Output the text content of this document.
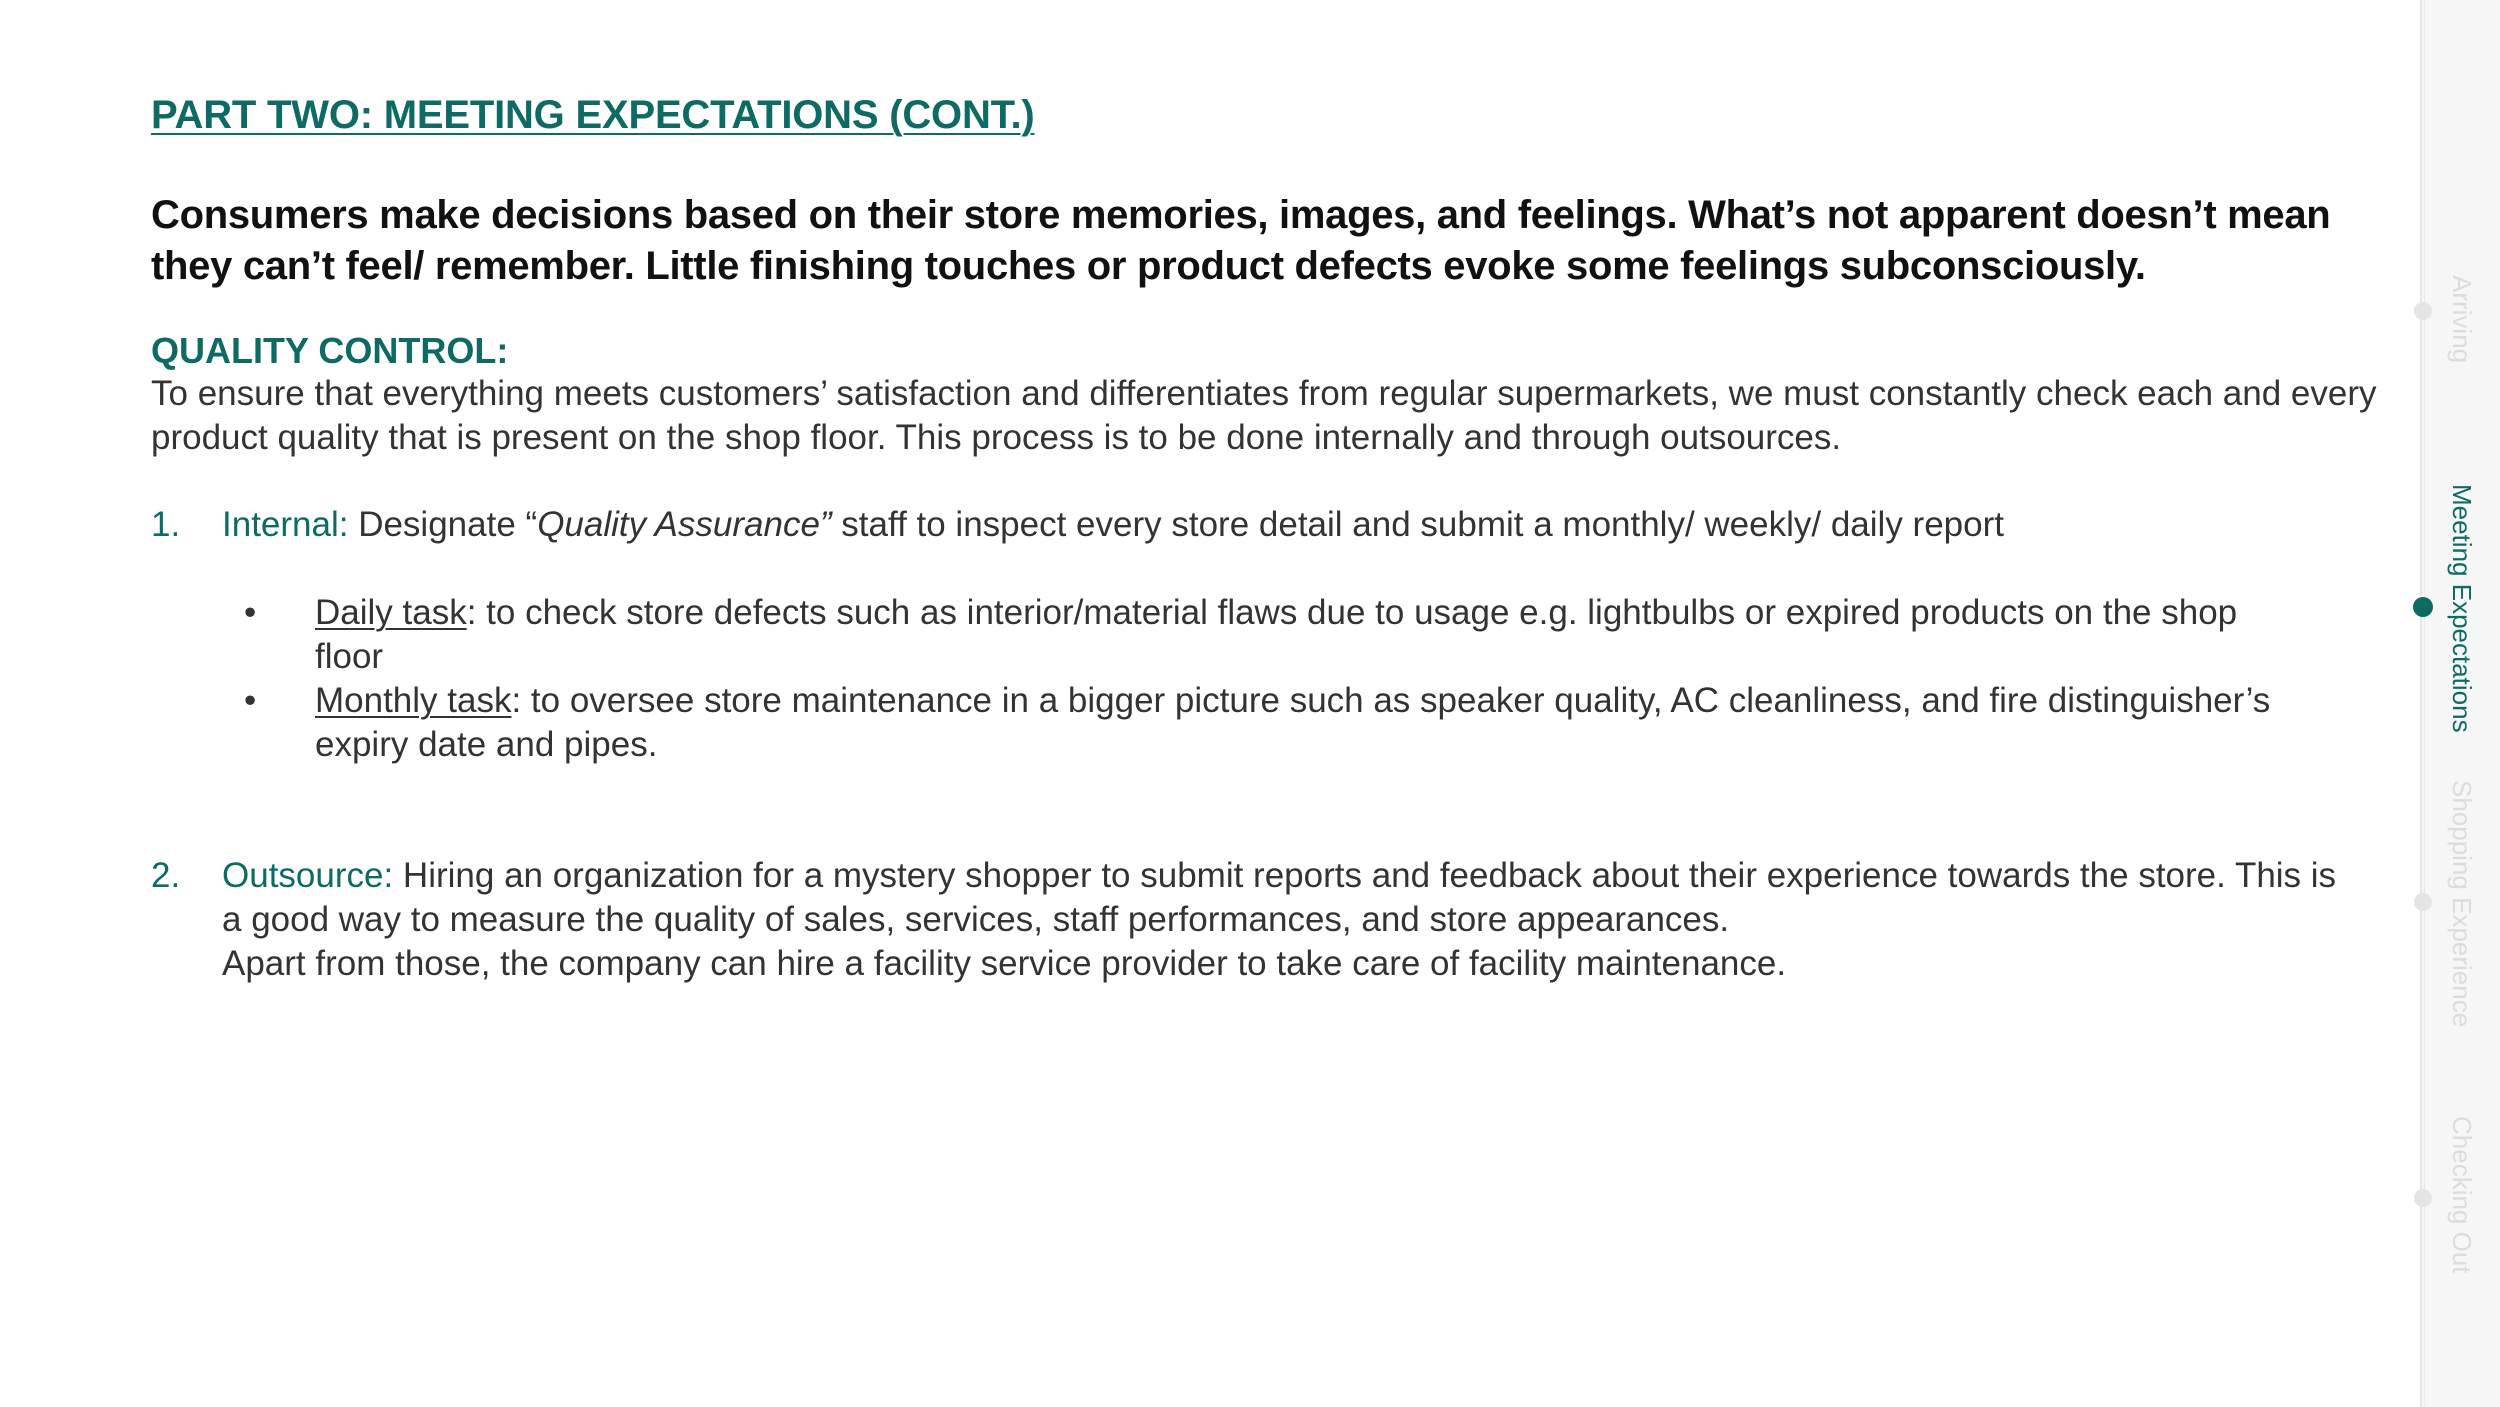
PART TWO: MEETING EXPECTATIONS (CONT.)
Consumers make decisions based on their store memories, images, and feelings. What’s not apparent doesn’t mean they can’t feel/ remember. Little finishing touches or product defects evoke some feelings subconsciously.
QUALITY CONTROL:
To ensure that everything meets customers’ satisfaction and differentiates from regular supermarkets, we must constantly check each and every product quality that is present on the shop floor. This process is to be done internally and through outsources.
1. Internal: Designate “Quality Assurance” staff to inspect every store detail and submit a monthly/ weekly/ daily report
• Daily task: to check store defects such as interior/material flaws due to usage e.g. lightbulbs or expired products on the shop floor
• Monthly task: to oversee store maintenance in a bigger picture such as speaker quality, AC cleanliness, and fire distinguisher’s expiry date and pipes.
2. Outsource: Hiring an organization for a mystery shopper to submit reports and feedback about their experience towards the store. This is a good way to measure the quality of sales, services, staff performances, and store appearances.
Apart from those, the company can hire a facility service provider to take care of facility maintenance.
Arriving
Meeting Expectations
Shopping Experience
Checking Out
